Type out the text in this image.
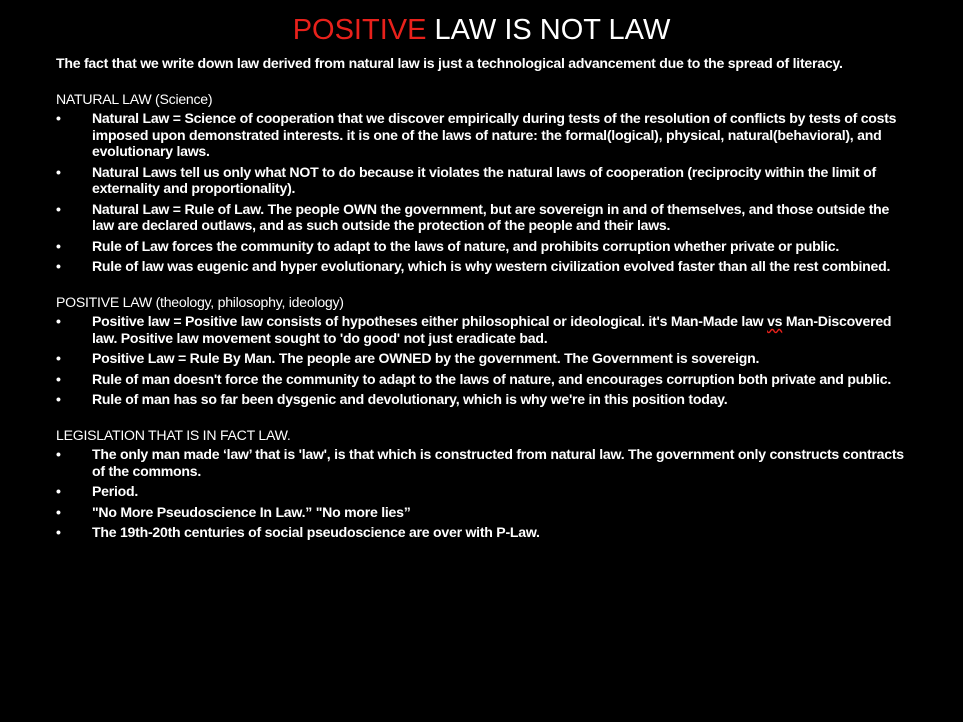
POSITIVE LAW IS NOT LAW

The fact that we write down law derived from natural law is just a technological advancement due to the spread of literacy.

NATURAL LAW (Science)

• Natural Law = Science of cooperation that we discover empirically during tests of the resolution of conflicts by tests of costs imposed upon demonstrated interests. it is one of the laws of nature: the formal(logical), physical, natural(behavioral), and evolutionary laws.
• Natural Laws tell us only what NOT to do because it violates the natural laws of cooperation (reciprocity within the limit of externality and proportionality).
• Natural Law = Rule of Law. The people OWN the government, but are sovereign in and of themselves, and those outside the law are declared outlaws, and as such outside the protection of the people and their laws.
• Rule of Law forces the community to adapt to the laws of nature, and prohibits corruption whether private or public.
• Rule of law was eugenic and hyper evolutionary, which is why western civilization evolved faster than all the rest combined.

POSITIVE LAW (theology, philosophy, ideology)

• Positive law = Positive law consists of hypotheses either philosophical or ideological. it's Man-Made law vs Man-Discovered law. Positive law movement sought to 'do good' not just eradicate bad.
• Positive Law = Rule By Man. The people are OWNED by the government. The Government is sovereign.
• Rule of man doesn't force the community to adapt to the laws of nature, and encourages corruption both private and public.
• Rule of man has so far been dysgenic and devolutionary, which is why we're in this position today.

LEGISLATION THAT IS IN FACT LAW.

• The only man made ‘law’ that is 'law', is that which is constructed from natural law. The government only constructs contracts of the commons.
• Period.
• "No More Pseudoscience In Law.” "No more lies”
• The 19th-20th centuries of social pseudoscience are over with P-Law.
